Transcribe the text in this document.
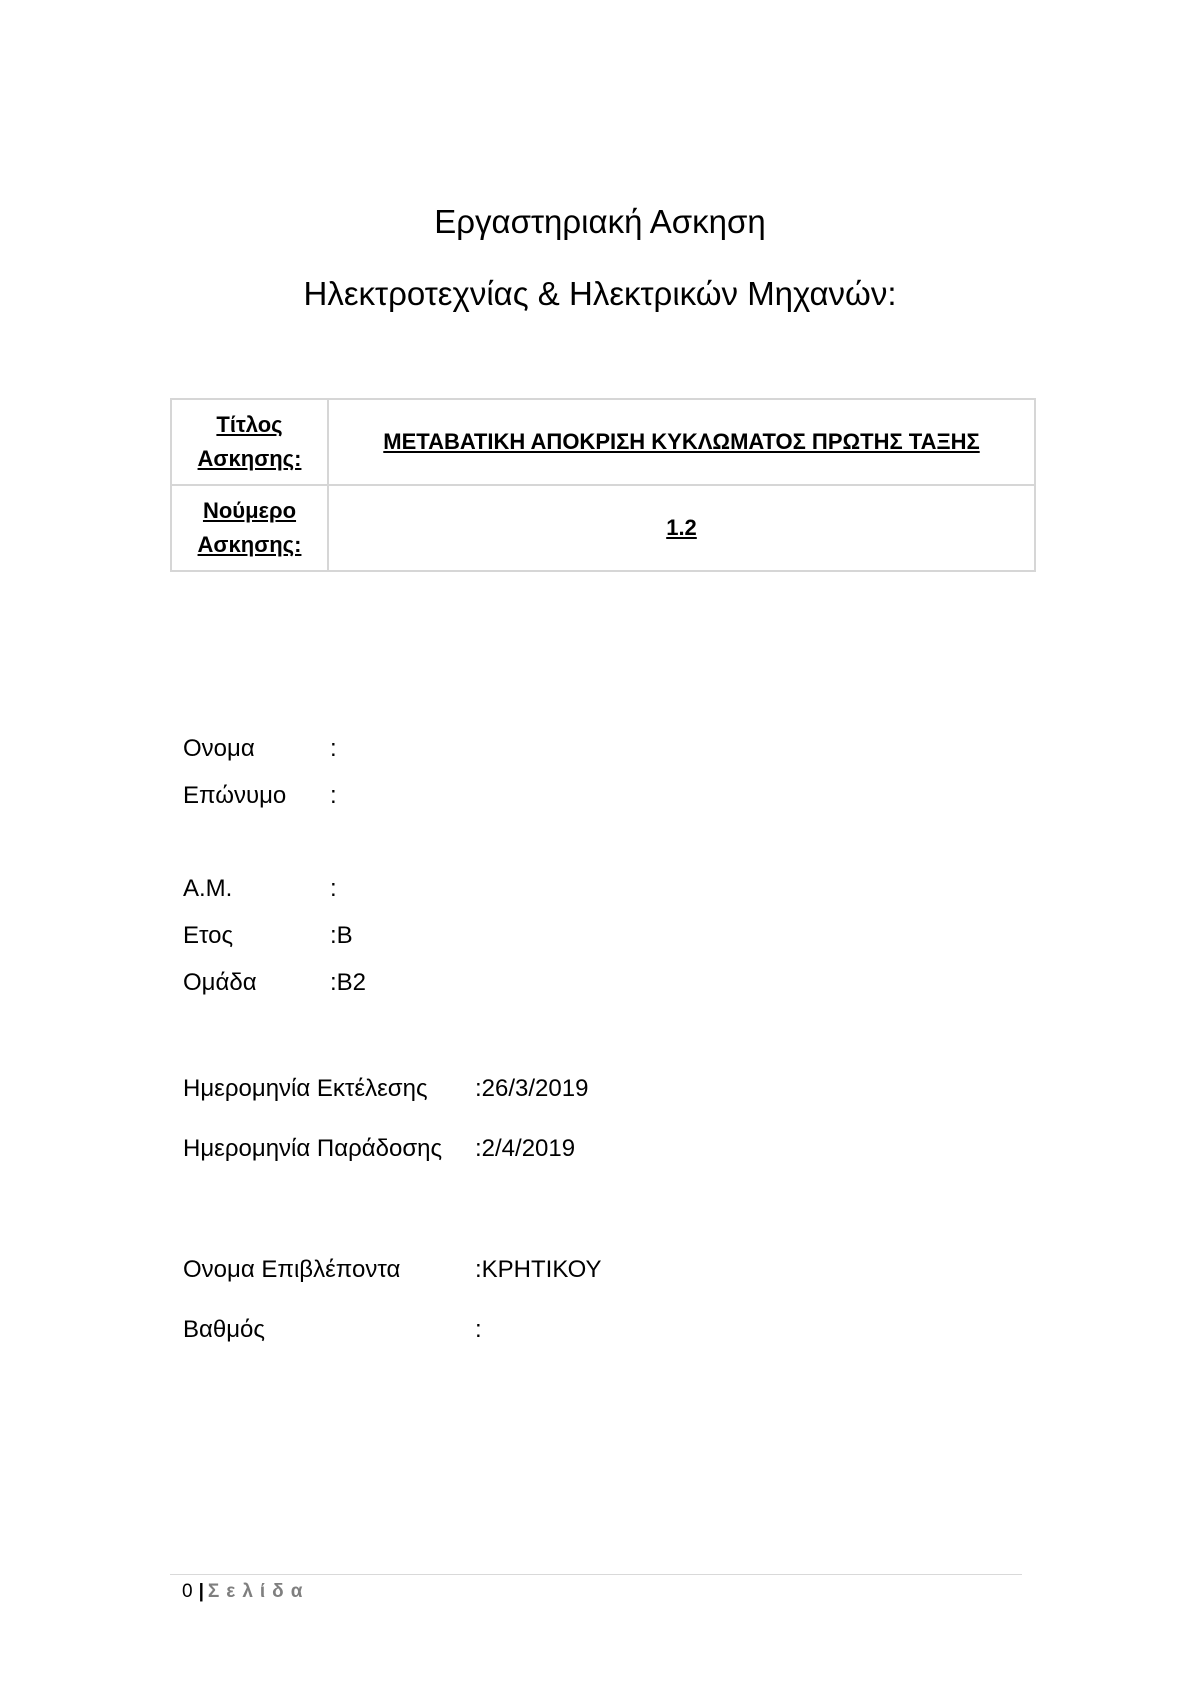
Εργαστηριακή Ασκηση
Ηλεκτροτεχνίας & Ηλεκτρικών Μηχανών:
Τίτλος Ασκησης:	ΜΕΤΑΒΑΤΙΚΗ ΑΠΟΚΡΙΣΗ ΚΥΚΛΩΜΑΤΟΣ ΠΡΩΤΗΣ ΤΑΞΗΣ
Νούμερο Ασκησης:	1.2
Ονομα	:
Επώνυμο :
Α.Μ.	:
Ετος	:Β
Ομάδα	:Β2
Ημερομηνία Εκτέλεσης :26/3/2019
Ημερομηνία Παράδοσης :2/4/2019
Ονομα Επιβλέποντα	:ΚΡΗΤΙΚΟΥ
Βαθμός	:
0 | Σελίδα
